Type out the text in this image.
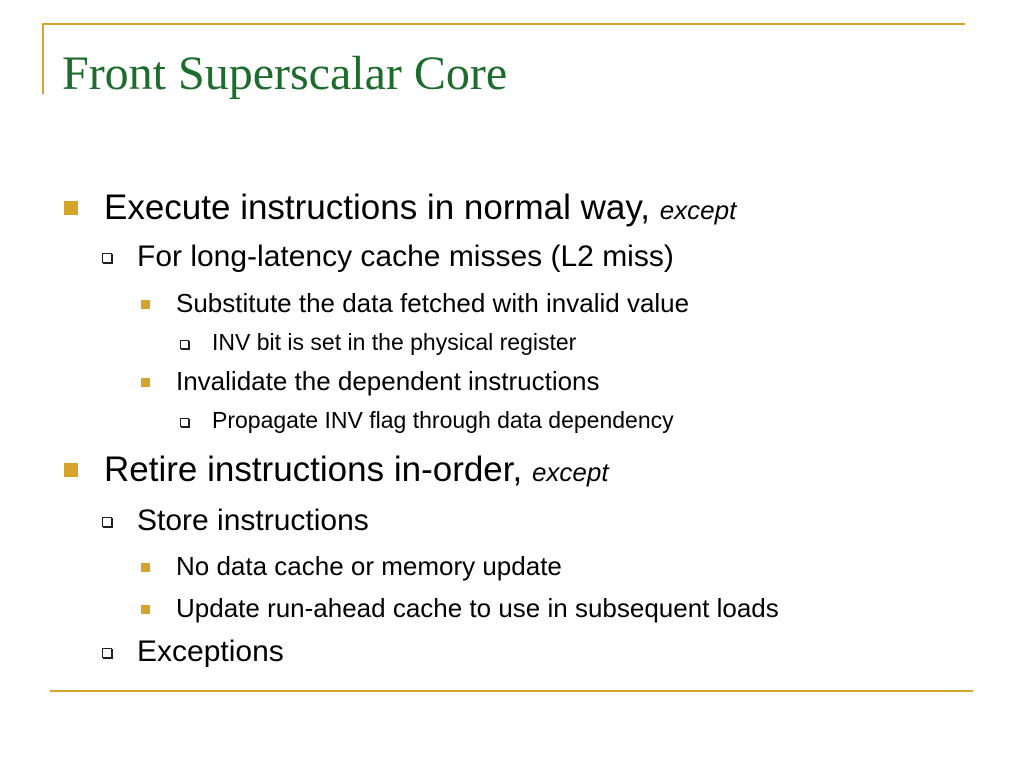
Front Superscalar Core
Execute instructions in normal way, except
For long-latency cache misses (L2 miss)
Substitute the data fetched with invalid value
INV bit is set in the physical register
Invalidate the dependent instructions
Propagate INV flag through data dependency
Retire instructions in-order, except
Store instructions
No data cache or memory update
Update run-ahead cache to use in subsequent loads
Exceptions
